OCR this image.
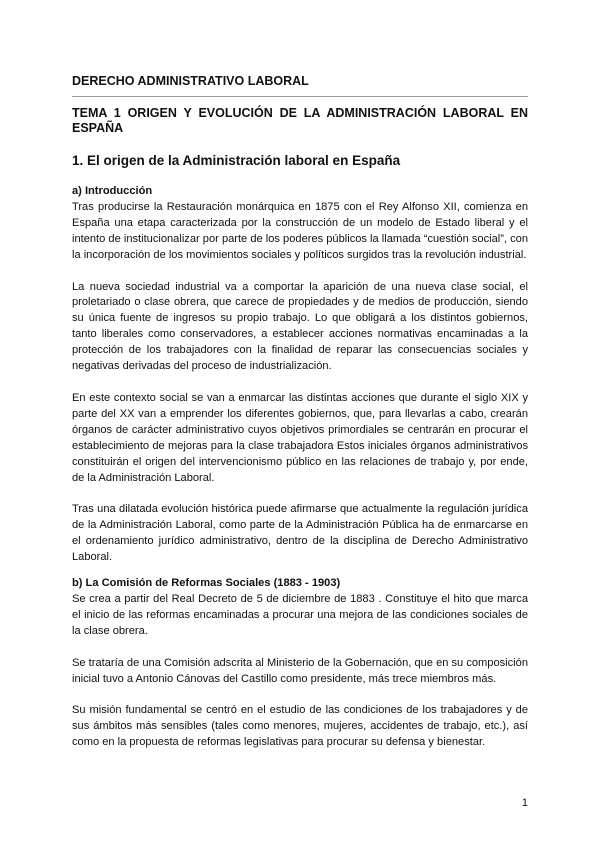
DERECHO ADMINISTRATIVO LABORAL
TEMA 1 ORIGEN Y EVOLUCIÓN DE LA ADMINISTRACIÓN LABORAL EN ESPAÑA
1. El origen de la Administración laboral en España

a) Introducción

Tras producirse la Restauración monárquica en 1875 con el Rey Alfonso XII, comienza en España una etapa caracterizada por la construcción de un modelo de Estado liberal y el intento de institucionalizar por parte de los poderes públicos la llamada “cuestión social”, con la incorporación de los movimientos sociales y políticos surgidos tras la revolución industrial.

La nueva sociedad industrial va a comportar la aparición de una nueva clase social, el proletariado o clase obrera, que carece de propiedades y de medios de producción, siendo su única fuente de ingresos su propio trabajo. Lo que obligará a los distintos gobiernos, tanto liberales como conservadores, a establecer acciones normativas encaminadas a la protección de los trabajadores con la finalidad de reparar las consecuencias sociales y negativas derivadas del proceso de industrialización.

En este contexto social se van a enmarcar las distintas acciones que durante el siglo XIX y parte del XX van a emprender los diferentes gobiernos, que, para llevarlas a cabo, crearán órganos de carácter administrativo cuyos objetivos primordiales se centrarán en procurar el establecimiento de mejoras para la clase trabajadora Estos iniciales órganos administrativos constituirán el origen del intervencionismo público en las relaciones de trabajo y, por ende, de la Administración Laboral.

Tras una dilatada evolución histórica puede afirmarse que actualmente la regulación jurídica de la Administración Laboral, como parte de la Administración Pública ha de enmarcarse en el ordenamiento jurídico administrativo, dentro de la disciplina de Derecho Administrativo Laboral.

b) La Comisión de Reformas Sociales (1883 - 1903)

Se crea a partir del Real Decreto de 5 de diciembre de 1883 . Constituye el hito que marca el inicio de las reformas encaminadas a procurar una mejora de las condiciones sociales de la clase obrera.

Se trataría de una Comisión adscrita al Ministerio de la Gobernación, que en su composición inicial tuvo a Antonio Cánovas del Castillo como presidente, más trece miembros más.

Su misión fundamental se centró en el estudio de las condiciones de los trabajadores y de sus ámbitos más sensibles (tales como menores, mujeres, accidentes de trabajo, etc.), así como en la propuesta de reformas legislativas para procurar su defensa y bienestar.

1
